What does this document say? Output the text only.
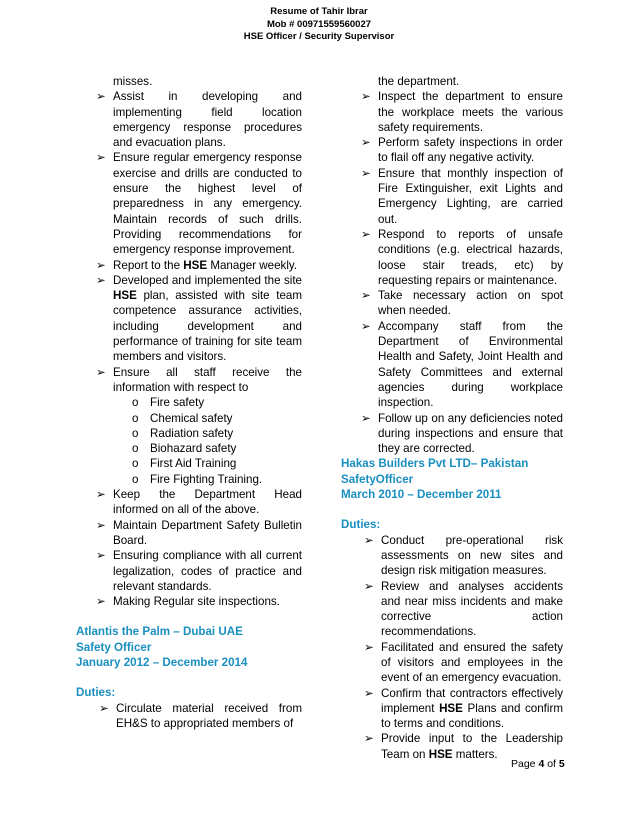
Resume of Tahir Ibrar
Mob # 00971559560027
HSE Officer / Security Supervisor
misses.
➢ Assist in developing and implementing field location emergency response procedures and evacuation plans.
➢ Ensure regular emergency response exercise and drills are conducted to ensure the highest level of preparedness in any emergency. Maintain records of such drills. Providing recommendations for emergency response improvement.
➢ Report to the HSE Manager weekly.
➢ Developed and implemented the site HSE plan, assisted with site team competence assurance activities, including development and performance of training for site team members and visitors.
➢ Ensure all staff receive the information with respect to
o Fire safety
o Chemical safety
o Radiation safety
o Biohazard safety
o First Aid Training
o Fire Fighting Training.
➢ Keep the Department Head informed on all of the above.
➢ Maintain Department Safety Bulletin Board.
➢ Ensuring compliance with all current legalization, codes of practice and relevant standards.
➢ Making Regular site inspections.
Atlantis the Palm – Dubai UAE
Safety Officer
January 2012 – December 2014
Duties:
➢ Circulate material received from EH&S to appropriated members of
the department.
➢ Inspect the department to ensure the workplace meets the various safety requirements.
➢ Perform safety inspections in order to flail off any negative activity.
➢ Ensure that monthly inspection of Fire Extinguisher, exit Lights and Emergency Lighting, are carried out.
➢ Respond to reports of unsafe conditions (e.g. electrical hazards, loose stair treads, etc) by requesting repairs or maintenance.
➢ Take necessary action on spot when needed.
➢ Accompany staff from the Department of Environmental Health and Safety, Joint Health and Safety Committees and external agencies during workplace inspection.
➢ Follow up on any deficiencies noted during inspections and ensure that they are corrected.
Hakas Builders Pvt LTD– Pakistan
SafetyOfficer
March 2010 – December 2011
Duties:
➢ Conduct pre-operational risk assessments on new sites and design risk mitigation measures.
➢ Review and analyses accidents and near miss incidents and make corrective action recommendations.
➢ Facilitated and ensured the safety of visitors and employees in the event of an emergency evacuation.
➢ Confirm that contractors effectively implement HSE Plans and confirm to terms and conditions.
➢ Provide input to the Leadership Team on HSE matters.
Page 4 of 5
